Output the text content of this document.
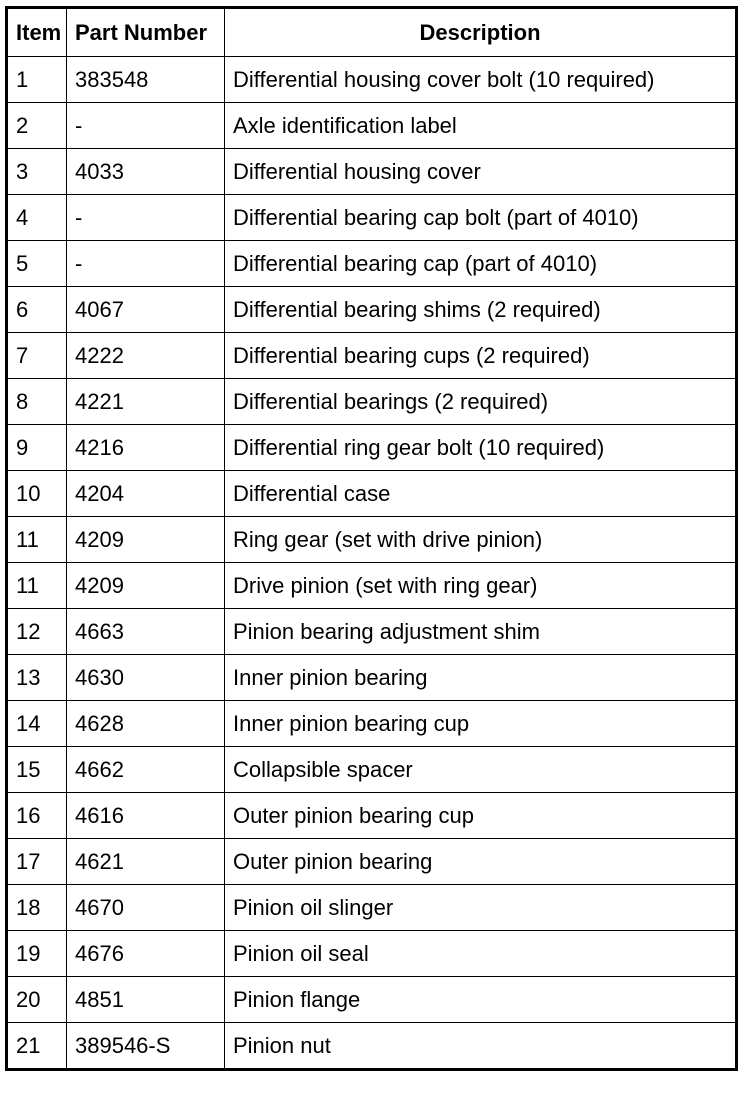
Item	Part Number	Description
1	383548	Differential housing cover bolt (10 required)
2	-	Axle identification label
3	4033	Differential housing cover
4	-	Differential bearing cap bolt (part of 4010)
5	-	Differential bearing cap (part of 4010)
6	4067	Differential bearing shims (2 required)
7	4222	Differential bearing cups (2 required)
8	4221	Differential bearings (2 required)
9	4216	Differential ring gear bolt (10 required)
10	4204	Differential case
11	4209	Ring gear (set with drive pinion)
11	4209	Drive pinion (set with ring gear)
12	4663	Pinion bearing adjustment shim
13	4630	Inner pinion bearing
14	4628	Inner pinion bearing cup
15	4662	Collapsible spacer
16	4616	Outer pinion bearing cup
17	4621	Outer pinion bearing
18	4670	Pinion oil slinger
19	4676	Pinion oil seal
20	4851	Pinion flange
21	389546-S	Pinion nut
